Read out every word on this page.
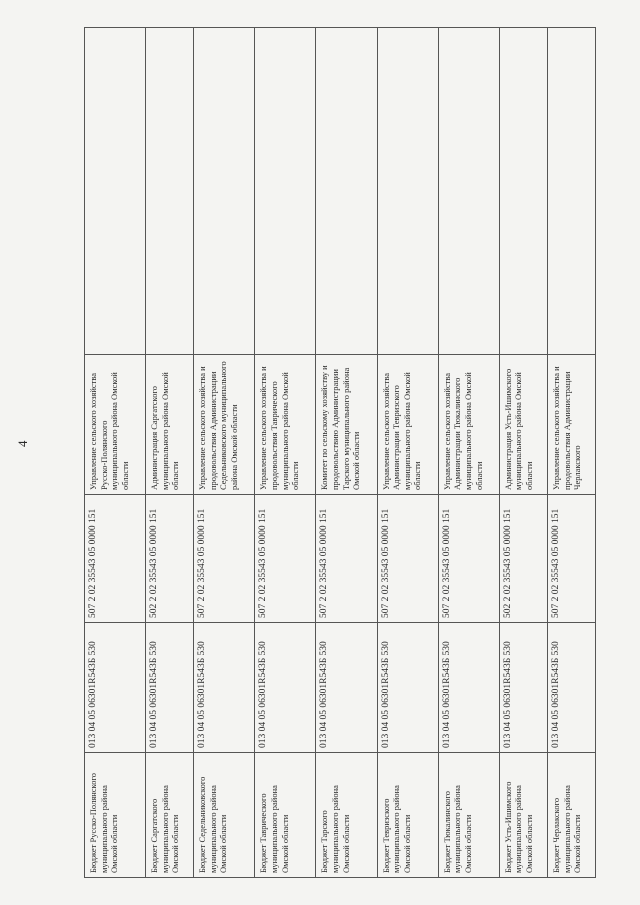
4
Бюджет Русско-Полянского муниципального района Омской области	013 04 05 06301R543Б 530	507 2 02 35543 05 0000 151	Управление сельского хозяйства Русско-Полянского муниципального района Омской области	
Бюджет Саргатского муниципального района Омской области	013 04 05 06301R543Б 530	502 2 02 35543 05 0000 151	Администрация Саргатского муниципального района Омской области	
Бюджет Седельниковского муниципального района Омской области	013 04 05 06301R543Б 530	507 2 02 35543 05 0000 151	Управление сельского хозяйства и продовольствия Администрации Седельниковского муниципального района Омской области	
Бюджет Таврического муниципального района Омской области	013 04 05 06301R543Б 530	507 2 02 35543 05 0000 151	Управление сельского хозяйства и продовольствия Таврического муниципального района Омской области	
Бюджет Тарского муниципального района Омской области	013 04 05 06301R543Б 530	507 2 02 35543 05 0000 151	Комитет по сельскому хозяйству и продовольствию Администрации Тарского муниципального района Омской области	
Бюджет Тевризского муниципального района Омской области	013 04 05 06301R543Б 530	507 2 02 35543 05 0000 151	Управление сельского хозяйства Администрации Тевризского муниципального района Омской области	
Бюджет Тюкалинского муниципального района Омской области	013 04 05 06301R543Б 530	507 2 02 35543 05 0000 151	Управление сельского хозяйства Администрации Тюкалинского муниципального района Омской области	
Бюджет Усть-Ишимского муниципального района Омской области	013 04 05 06301R543Б 530	502 2 02 35543 05 0000 151	Администрация Усть-Ишимского муниципального района Омской области	
Бюджет Черлакского муниципального района Омской области	013 04 05 06301R543Б 530	507 2 02 35543 05 0000 151	Управление сельского хозяйства и продовольствия Администрации Черлакского	
